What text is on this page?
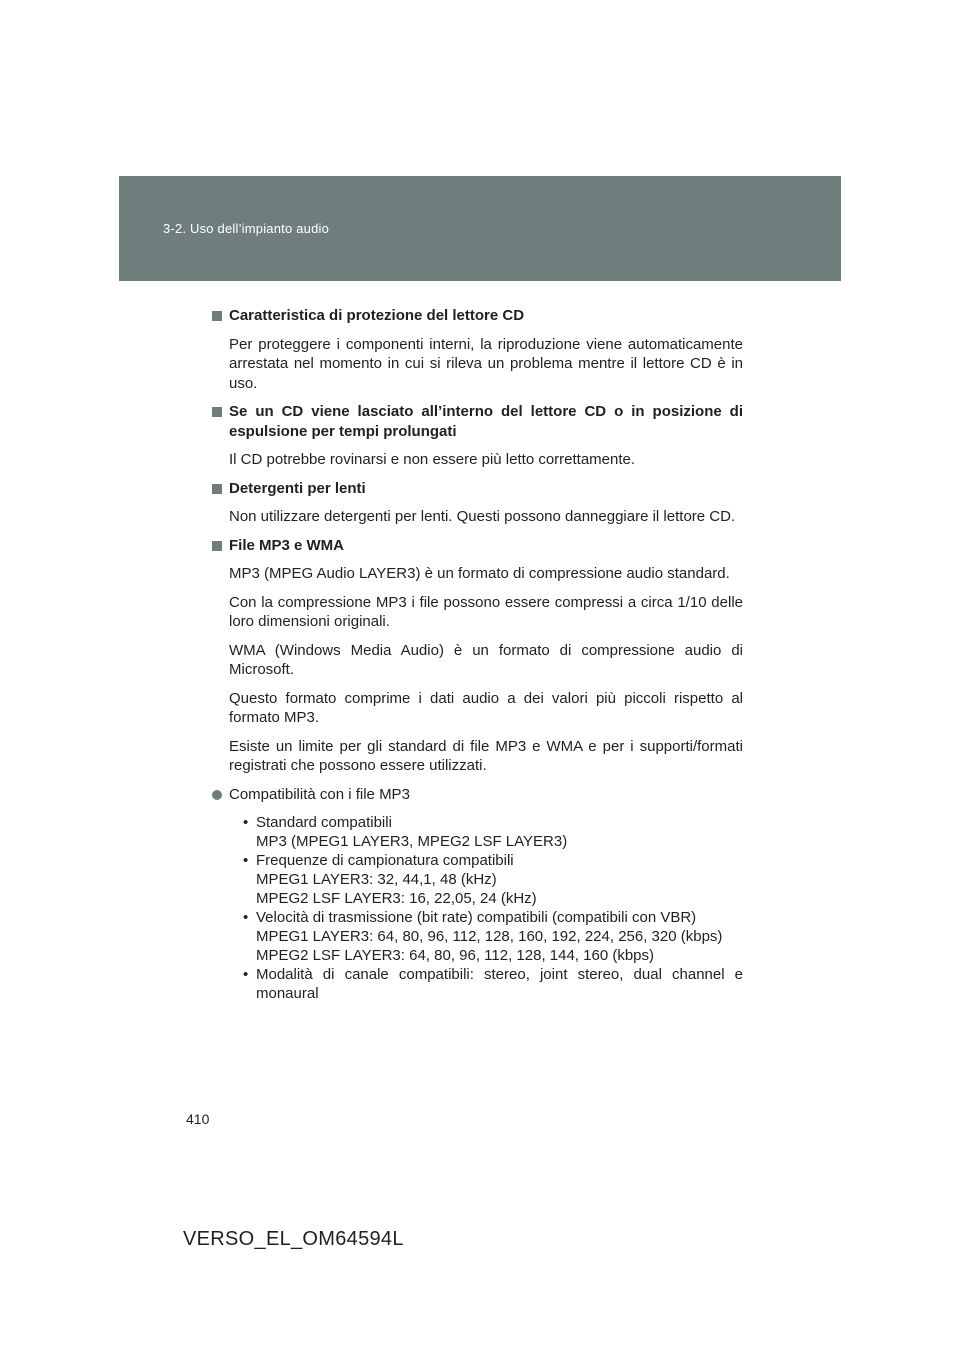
3-2. Uso dell’impianto audio
Caratteristica di protezione del lettore CD

Per proteggere i componenti interni, la riproduzione viene automaticamente arrestata nel momento in cui si rileva un problema mentre il lettore CD è in uso.

Se un CD viene lasciato all’interno del lettore CD o in posizione di espulsione per tempi prolungati

Il CD potrebbe rovinarsi e non essere più letto correttamente.

Detergenti per lenti

Non utilizzare detergenti per lenti. Questi possono danneggiare il lettore CD.

File MP3 e WMA

MP3 (MPEG Audio LAYER3) è un formato di compressione audio standard.

Con la compressione MP3 i file possono essere compressi a circa 1/10 delle loro dimensioni originali.

WMA (Windows Media Audio) è un formato di compressione audio di Microsoft.

Questo formato comprime i dati audio a dei valori più piccoli rispetto al formato MP3.

Esiste un limite per gli standard di file MP3 e WMA e per i supporti/formati registrati che possono essere utilizzati.

Compatibilità con i file MP3
• Standard compatibili
MP3 (MPEG1 LAYER3, MPEG2 LSF LAYER3)
• Frequenze di campionatura compatibili
MPEG1 LAYER3: 32, 44,1, 48 (kHz)
MPEG2 LSF LAYER3: 16, 22,05, 24 (kHz)
• Velocità di trasmissione (bit rate) compatibili (compatibili con VBR)
MPEG1 LAYER3: 64, 80, 96, 112, 128, 160, 192, 224, 256, 320 (kbps)
MPEG2 LSF LAYER3: 64, 80, 96, 112, 128, 144, 160 (kbps)
• Modalità di canale compatibili: stereo, joint stereo, dual channel e
monaural
410
VERSO_EL_OM64594L
